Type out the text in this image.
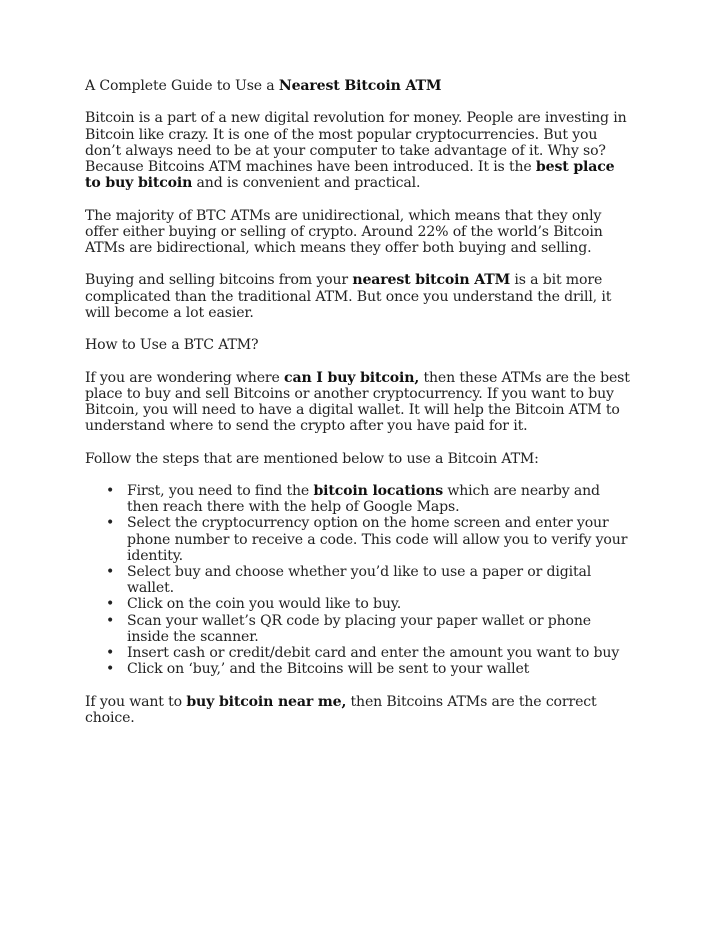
A Complete Guide to Use a Nearest Bitcoin ATM

Bitcoin is a part of a new digital revolution for money. People are investing in Bitcoin like crazy. It is one of the most popular cryptocurrencies. But you don’t always need to be at your computer to take advantage of it. Why so? Because Bitcoins ATM machines have been introduced. It is the best place to buy bitcoin and is convenient and practical.

The majority of BTC ATMs are unidirectional, which means that they only offer either buying or selling of crypto. Around 22% of the world’s Bitcoin ATMs are bidirectional, which means they offer both buying and selling.

Buying and selling bitcoins from your nearest bitcoin ATM is a bit more complicated than the traditional ATM. But once you understand the drill, it will become a lot easier.

How to Use a BTC ATM?

If you are wondering where can I buy bitcoin, then these ATMs are the best place to buy and sell Bitcoins or another cryptocurrency. If you want to buy Bitcoin, you will need to have a digital wallet. It will help the Bitcoin ATM to understand where to send the crypto after you have paid for it.

Follow the steps that are mentioned below to use a Bitcoin ATM:

• First, you need to find the bitcoin locations which are nearby and then reach there with the help of Google Maps.
• Select the cryptocurrency option on the home screen and enter your phone number to receive a code. This code will allow you to verify your identity.
• Select buy and choose whether you’d like to use a paper or digital wallet.
• Click on the coin you would like to buy.
• Scan your wallet’s QR code by placing your paper wallet or phone inside the scanner.
• Insert cash or credit/debit card and enter the amount you want to buy
• Click on ‘buy,’ and the Bitcoins will be sent to your wallet

If you want to buy bitcoin near me, then Bitcoins ATMs are the correct choice.
